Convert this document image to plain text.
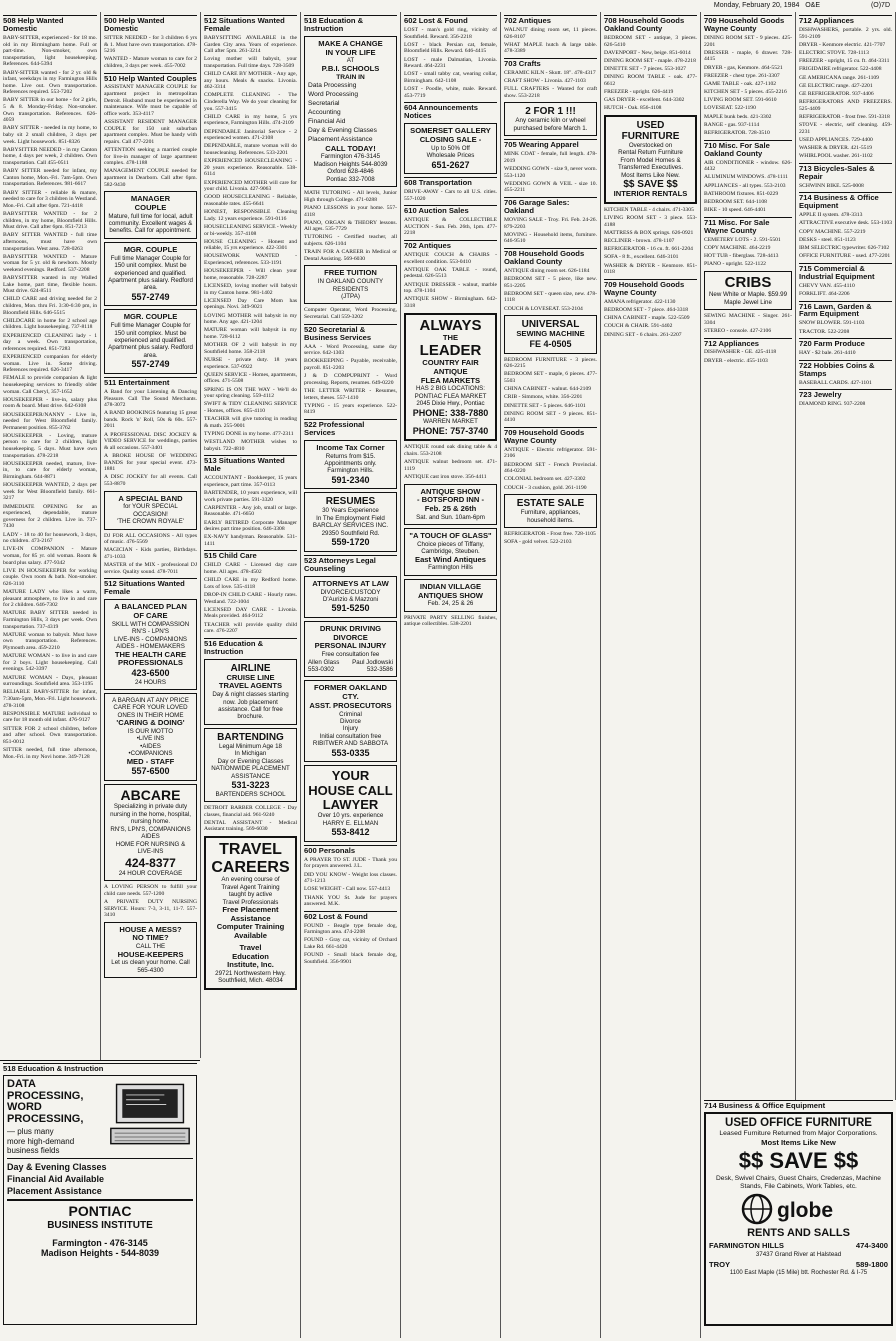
Monday, February 20, 1984 O&E	(O)7D
508 Help Wanted Domestic
BABY-SITTER, experienced - for 18 mo. old in my Birmingham home. Full or part-time. Non-smoker, own transportation, light housekeeping. References. 644-5394
BABY-SITTER wanted - for 2 yr. old & infant, weekdays in my Farmington Hills home. Live out. Own transportation. References required. 553-7202
BABY SITTER in our home - for 2 girls, 5 & 8. Monday-Friday. Non-smoker. Own transportation. References. 626-4059
BABY SITTER - needed in my home, to baby sit 2 small children, 3 days per week. Light housework. 851-8326
BABYSITTER NEEDED - in my Canton home, 4 days per week, 2 children. Own transportation. Call 455-0511
BABY SITTER needed for infant, my Canton home, Mon.-Fri. 7am-5pm. Own transportation. References. 981-6617
BABY SITTER - reliable & mature, needed to care for 3 children in Westland. Mon.-Fri. Call after 6pm. 721-4418
BABYSITTER WANTED - for 2 children, in my home, Bloomfield Hills. Must drive. Call after 6pm. 851-7213
BABY SITTER WANTED - full time afternoons, must have own transportation. West area. 728-0263
BABYSITTER WANTED - Mature woman for 5 yr. old & newborn. Mostly weekend evenings. Redford. 537-2208
BABYSITTER wanted in my Walled Lake home, part time, flexible hours. Must drive. 624-8511
CHILD CARE and driving needed for 2 children, Mon. thru Fri. 3:30-6:30 pm, in Bloomfield Hills. 646-5515
CHILDCARE in home for 2 school age children. Light housekeeping. 737-8118
EXPERIENCED CLEANING lady - 1 day a week. Own transportation, references required. 851-7283
EXPERIENCED companion for elderly woman. Live in. Some driving. References required. 626-3417
FEMALE to provide companion & light housekeeping services to friendly older woman. Call Cheryl, 357-1652
HOUSEKEEPER - live-in, salary plus room & board. Must drive. 642-6108
HOUSEKEEPER/NANNY - Live in, needed for West Bloomfield family. Permanent position. 855-3762
HOUSEKEEPER - Loving, mature person to care for 2 children, light housekeeping. 5 days. Must have own transportation. 478-2218
HOUSEKEEPER needed, mature, live-in, to care for elderly woman, Birmingham. 644-8871
HOUSEKEEPER WANTED, 2 days per week for West Bloomfield family. 661-3217
IMMEDIATE OPENING for an experienced, dependable, mature governess for 2 children. Live in. 737-7430
LADY - 18 to 40 for housework, 3 days, no children. 473-2167
LIVE-IN COMPANION - Mature woman, for 85 yr. old woman. Room & board plus salary. 477-9342
LIVE IN HOUSEKEEPER for working couple. Own room & bath. Non-smoker. 626-3110
MATURE LADY who likes a warm, pleasant atmosphere, to live in and care for 2 children. 646-7302
MATURE BABY SITTER needed in Farmington Hills, 3 days per week. Own transportation. 737-4319
MATURE woman to babysit. Must have own transportation. References. Plymouth area. 459-2210
MATURE WOMAN - to live in and care for 2 boys. Light housekeeping. Call evenings. 542-3397
MATURE WOMAN - Days, pleasant surroundings. Southfield area. 353-1195
RELIABLE BABY-SITTER for infant, 7:30am-5pm, Mon.-Fri. Light housework. 478-3108
RESPONSIBLE MATURE individual to care for 18 month old infant. 476-9127
SITTER FOR 2 school children, before and after school. Own transportation. 851-0012
SITTER needed, full time afternoon, Mon.-Fri. in my Novi home. 349-7128
518 Education & Instruction
DATA
PROCESSING,
WORD
PROCESSING,
— plus many
more high-demand
business fields
Day & Evening Classes
Financial Aid Available
Placement Assistance
PONTIAC
BUSINESS INSTITUTE
Farmington - 476-3145
Madison Heights - 544-8039
500 Help Wanted Domestic
SITTER NEEDED - for 3 children 6 yrs & 1. Must have own transportation. 478-5216
WANTED - Mature woman to care for 2 children, 3 days per week. 455-7002
510 Help Wanted Couples
ASSISTANT MANAGER COUPLE for apartment project in metropolitan Detroit. Husband must be experienced in maintenance. Wife must be capable of office work. 353-4117
ASSISTANT RESIDENT MANAGER COUPLE for 150 unit suburban apartment complex. Must be handy with repairs. Call 477-2201
ATTENTION seeking a married couple for live-in manager of large apartment complex. 478-1188
MANAGEMENT COUPLE needed for apartment in Dearborn. Call after 6pm. 582-9430
MANAGER
COUPLE
Mature, full time for local, adult community. Excellent wages & benefits. Call for appointment.
MGR. COUPLE
Full time Manager Couple for 150 unit complex. Must be experienced and qualified. Apartment plus salary. Redford area.
557-2749
MGR. COUPLE
Full time Manager Couple for 150 unit complex. Must be experienced and qualified. Apartment plus salary. Redford area.
557-2749
511 Entertainment
A Band for your Listening & Dancing Pleasure. Call The Sound Merchants. 478-3072
A BAND BOOKINGS featuring 15 great bands. Rock 'n' Roll, 50s & 60s. 557-2011
A PROFESSIONAL DISC JOCKEY & VIDEO SERVICE for weddings, parties & all occasions. 557-3401
A BROKE HOUSE OF WEDDING BANDS for your special event. 473-1881
A DISC JOCKEY for all events. Call 553-8870
A SPECIAL BAND
for YOUR SPECIAL OCCASION!
'THE CROWN ROYALE'
DJ FOR ALL OCCASIONS - All types of music. 476-5569
MAGICIAN - Kids parties, Birthdays. 471-1033
MASTER of the MIX - professional DJ service. Quality sound. 478-7011
512 Situations Wanted Female
A BALANCED PLAN
OF CARE
SKILL WITH COMPASSION
RN'S - LPN'S
LIVE-INS - COMPANIONS
AIDES - HOMEMAKERS
THE HEALTH CARE
PROFESSIONALS
423-6500
24 HOURS
A BARGAIN AT ANY PRICE
CARE FOR YOUR LOVED
ONES IN THEIR HOME
'CARING & DOING'
IS OUR MOTTO
•LIVE INS
•AIDES
•COMPANIONS
MED - STAFF
557-6500
ABCARE
Specializing in private duty nursing in the home, hospital, nursing home.
RN'S, LPN'S, COMPANIONS
AIDES
HOME FOR NURSING & LIVE-INS
424-8377
24 HOUR COVERAGE
A LOVING PERSON to fulfill your child care needs. 557-1200
A PRIVATE DUTY NURSING SERVICE. Hours: 7-3, 3-11, 11-7. 557-3410
HOUSE A MESS?
NO TIME?
CALL THE
HOUSE-KEEPERS
Let us clean your home. Call 565-4300
512 Situations Wanted Female
BABYSITTING AVAILABLE in the Garden City area. Years of experience. Call after 5pm. 261-3214
Loving mother will babysit, your transportation. Full time days. 728-3509
CHILD CARE BY MOTHER - Any age, any hours. Meals & snacks. Livonia. 462-3314
COMPLETE CLEANING - The Cinderella Way. We do your cleaning for you. 557-3415
CHILD CARE in my home, 5 yrs experience, Farmington Hills. 474-2109
DEPENDABLE Janitorial Service - 2 experienced women. 471-2108
DEPENDABLE, mature woman will do housecleaning. References. 533-2201
EXPERIENCED HOUSECLEANING - 20 years experience. Reasonable. 538-6114
EXPERIENCED MOTHER will care for your child. Livonia. 427-9063
GOOD HOUSECLEANING - Reliable, reasonable rates. 455-6641
HONEST, RESPONSIBLE Cleaning Lady. 12 years experience. 591-0116
HOUSECLEANING SERVICE - Weekly or bi-weekly. 357-4108
HOUSE CLEANING - Honest and reliable, 15 yrs experience. 422-3301
HOUSEWORK WANTED - Experienced, references. 533-1191
HOUSEKEEPER - Will clean your home, reasonable. 728-2287
LICENSED, loving mother will babysit in my Canton home. 981-1402
LICENSED Day Care Mom has openings. Novi. 349-9021
LOVING MOTHER will babysit in my home. Any age. 421-1204
MATURE woman will babysit in my home. 728-6112
MOTHER OF 2 will babysit in my Southfield home. 358-2118
NURSE - private duty. 18 years experience. 537-0922
QUEEN SERVICE - Homes, apartments, offices. 471-5508
SPRING IS ON THE WAY - We'll do your spring cleaning. 559-4112
SWIFT & TIDY CLEANING SERVICE - Homes, offices. 855-4110
TEACHER will give tutoring in reading & math. 255-9001
TYPING DONE in my home. 477-2311
WESTLAND MOTHER wishes to babysit. 722-4810
513 Situations Wanted Male
ACCOUNTANT - Bookkeeper, 15 years experience, part time. 357-0113
BARTENDER, 10 years experience, will work private parties. 591-3320
CARPENTER - Any job, small or large. Reasonable. 471-6650
EARLY RETIRED Corporate Manager desires part time position. 646-3308
EX-NAVY handyman. Reasonable. 531-1411
515 Child Care
CHILD CARE - Licensed day care home. All ages. 478-4502
CHILD CARE in my Redford home. Lots of love. 535-4118
DROP-IN CHILD CARE - Hourly rates. Westland. 722-1004
LICENSED DAY CARE - Livonia. Meals provided. 464-9112
TEACHER will provide quality child care. 476-2207
516 Education & Instruction
AIRLINE
CRUISE LINE
TRAVEL AGENTS
Day & night classes starting now. Job placement assistance. Call for free brochure.
BARTENDING
Legal Minimum Age 18
In Michigan
Day or Evening Classes
NATIONWIDE PLACEMENT ASSISTANCE
531-3223
BARTENDERS SCHOOL
DETROIT BARBER COLLEGE - Day classes, financial aid. 961-9240
DENTAL ASSISTANT - Medical Assistant training. 569-6030
TRAVEL
CAREERS
An evening course of
Travel Agent Training
taught by active
Travel Professionals
Free Placement Assistance
Computer Training Available
Travel
Education
Institute, Inc.
29721 Northwestern Hwy. Southfield, Mich. 48034
518 Education & Instruction
MAKE A CHANGE
IN YOUR LIFE
AT
P.B.I. SCHOOLS
TRAIN IN
Data Processing
Word Processing
Secretarial
Accounting
Financial Aid
Day & Evening Classes
Placement Assistance
CALL TODAY!
Farmington 476-3145
Madison Heights 544-8039
Oxford 628-4846
Pontiac 332-7008
MATH TUTORING - All levels, Junior High through College. 471-0288
PIANO LESSONS in your home. 557-4118
PIANO, ORGAN & THEORY lessons. All ages. 535-7729
TUTORING - Certified teacher, all subjects. 626-1104
TRAIN FOR A CAREER in Medical or Dental Assisting. 569-6030
FREE TUITION
IN OAKLAND COUNTY RESIDENTS
(JTPA)
Computer Operator, Word Processing, Secretarial. Call 559-3202
520 Secretarial & Business Services
AAA - Word Processing, same day service. 642-1303
BOOKKEEPING - Payable, receivable, payroll. 851-2203
J & D COMPUPRINT - Word processing. Reports, resumes. 649-0220
THE LETTER WRITER - Resumes, letters, theses. 557-1410
TYPING - 15 years experience. 522-8419
522 Professional Services
Income Tax Corner
Returns from $15. Appointments only. Farmington Hills.
591-2340
RESUMES
30 Years Experience
In The Employment Field
BARCLAY SERVICES INC.
29350 Southfield Rd.
559-1720
523 Attorneys Legal Counseling
ATTORNEYS AT LAW
DIVORCE/CUSTODY
D'Aurizio & Mazzoni
591-5250
DRUNK DRIVING
DIVORCE
PERSONAL INJURY
Free consultation fee
Allen Glass Paul Jodlowski
553-0302	532-3586
FORMER OAKLAND CTY.
ASST. PROSECUTORS
Criminal
Divorce
Injury
Initial consultation free
RIBITWER AND SABBOTA
553-0335
YOUR
HOUSE CALL
LAWYER
Over 10 yrs. experience
HARRY E. ELLMAN
553-8412
600 Personals
A PRAYER TO ST. JUDE - Thank you for prayers answered. J.L.
DID YOU KNOW - Weight loss classes. 471-1213
LOSE WEIGHT - Call now. 557-4413
THANK YOU St. Jude for prayers answered. M.K.
602 Lost & Found
FOUND - Beagle type female dog, Farmington area. 474-2208
FOUND - Gray cat, vicinity of Orchard Lake Rd. 661-4420
FOUND - Small black female dog, Southfield. 356-9901
602 Lost & Found
LOST - man's gold ring, vicinity of Southfield. Reward. 356-2218
LOST - black Persian cat, female, Bloomfield Hills. Reward. 646-4415
LOST - male Dalmatian, Livonia. Reward. 464-2231
LOST - small tabby cat, wearing collar, Birmingham. 642-1108
LOST - Poodle, white, male. Reward. 453-7719
604 Announcements Notices
SOMERSET GALLERY
CLOSING SALE -
Up to 50% Off
Wholesale Prices
651-2627
608 Transportation
DRIVE-AWAY - Cars to all U.S. cities. 557-1020
610 Auction Sales
ANTIQUE & COLLECTIBLE AUCTION - Sun. Feb. 26th, 1pm. 477-2218
702 Antiques
ANTIQUE COUCH & CHAIRS - excellent condition. 553-0410
ANTIQUE OAK TABLE - round, pedestal. 626-5513
ANTIQUE DRESSER - walnut, marble top. 478-1104
ANTIQUE SHOW - Birmingham. 642-3318
ALWAYS
THE
LEADER
COUNTRY FAIR
ANTIQUE
FLEA MARKETS
HAS 2 BIG LOCATIONS:
PONTIAC FLEA MARKET
2045 Dixie Hwy., Pontiac
PHONE: 338-7880
WARREN MARKET
PHONE: 757-3740
ANTIQUE round oak dining table & 4 chairs. 553-2108
ANTIQUE walnut bedroom set. 471-1119
ANTIQUE cast iron stove. 356-4411
ANTIQUE SHOW
- BOTSFORD INN -
Feb. 25 & 26th
Sat. and Sun. 10am-6pm
"A TOUCH OF GLASS"
Choice pieces of Tiffany, Cambridge, Steuben.
East Wind Antiques
Farmington Hills
INDIAN VILLAGE
ANTIQUES SHOW
Feb. 24, 25 & 26
PRIVATE PARTY SELLING finishes, antique collectibles. 538-2201
702 Antiques
WALNUT dining room set, 11 pieces. 626-8107
WHAT MAPLE hutch & large table. 478-3389
703 Crafts
CERAMIC KILN - Skutt. 18". 478-4317
CRAFT SHOW - Livonia. 427-1103
FULL CRAFTERS - Wanted for craft show. 553-2218
2 FOR 1 !!!
Any ceramic kiln or wheel purchased before March 1.
705 Wearing Apparel
MINK COAT - female, full length. 478-2019
WEDDING GOWN - size 9, never worn. 553-1120
WEDDING GOWN & VEIL - size 10. 455-2211
706 Garage Sales: Oakland
MOVING SALE - Troy. Fri. Feb. 24-26. 879-2203
MOVING - Household items, furniture. 646-9510
708 Household Goods Oakland County
ANTIQUE dining room set. 626-1184
BEDROOM SET - 5 piece, like new. 851-2205
BEDROOM SET - queen size, new. 478-1118
COUCH & LOVESEAT. 553-2104
UNIVERSAL
SEWING MACHINE
FE 4-0505
BEDROOM FURNITURE - 3 pieces. 626-2215
BEDROOM SET - maple, 6 pieces. 477-5503
CHINA CABINET - walnut. 644-2109
CRIB - Simmons, white. 356-2201
DINETTE SET - 5 pieces. 646-1101
DINING ROOM SET - 9 pieces. 851-4410
709 Household Goods Wayne County
ANTIQUE - Electric refrigerator. 591-2106
BEDROOM SET - French Provincial. 464-0220
COLONIAL bedroom set. 427-3302
COUCH - 3 cushion, gold. 261-1190
ESTATE SALE
Furniture, appliances, household items.
REFRIGERATOR - Frost free. 728-1105
SOFA - gold velvet. 522-2103
708 Household Goods Oakland County
BEDROOM SET - antique, 3 pieces. 626-5410
DAVENPORT - New, beige. 851-6014
DINING ROOM SET - maple. 478-2218
DINETTE SET - 7 pieces. 553-1027
DINING ROOM TABLE - oak. 477-6612
FREEZER - upright. 626-4419
GAS DRYER - excellent. 644-3302
HUTCH - Oak. 856-4108
USED FURNITURE
Overstocked on
Rental Return Furniture
From Model Homes &
Transferred Executives.
Most Items Like New.
$$ SAVE $$
INTERIOR RENTALS
KITCHEN TABLE - 4 chairs. 471-3305
LIVING ROOM SET - 3 piece. 553-4188
MATTRESS & BOX springs. 626-0921
RECLINER - brown. 478-1107
REFRIGERATOR - 16 cu. ft. 661-2204
SOFA - 8 ft., excellent. 646-3101
WASHER & DRYER - Kenmore. 851-0118
709 Household Goods Wayne County
AMANA refrigerator. 422-1130
BEDROOM SET - 7 piece. 464-3318
CHINA CABINET - maple. 522-5509
COUCH & CHAIR. 591-4402
DINING SET - 6 chairs. 261-2207
709 Household Goods Wayne County
DINING ROOM SET - 9 pieces. 425-2201
DRESSER - maple, 6 drawer. 728-4415
DRYER - gas, Kenmore. 464-5521
FREEZER - chest type. 261-3307
GAME TABLE - oak. 427-1102
KITCHEN SET - 5 pieces. 455-2216
LIVING ROOM SET. 591-6610
LOVESEAT. 522-1190
MAPLE bunk beds. 421-3302
RANGE - gas. 937-1114
REFRIGERATOR. 728-3510
710 Misc. For Sale Oakland County
AIR CONDITIONER - window. 626-4432
ALUMINUM WINDOWS. 478-1111
APPLIANCES - all types. 553-2103
BATHROOM fixtures. 851-0229
BEDROOM SET. 644-1108
BIKE - 10 speed. 646-4401
711 Misc. For Sale Wayne County
CEMETERY LOTS - 2. 591-5501
COPY MACHINE. 464-2219
HOT TUB - fiberglass. 728-4413
PIANO - upright. 522-1122
CRIBS
New White or Maple. $59.99
Maple Jewel Line
SEWING MACHINE - Singer. 261-3304
STEREO - console. 427-2106
712 Appliances
DISHWASHER - GE. 425-4118
DRYER - electric. 455-1103
712 Appliances
DISHWASHERS, portable. 2 yrs. old. 591-2109
DRYER - Kenmore electric. 421-7707
ELECTRIC STOVE. 728-1113
FREEZER - upright, 15 cu. ft. 464-3311
FRIGIDAIRE refrigerator. 522-4408
GE AMERICANA range. 261-1109
GE ELECTRIC range. 427-2201
GE REFRIGERATOR. 937-4406
REFRIGERATORS AND FREEZERS. 525-4409
REFRIGERATOR - frost free. 591-3318
STOVE - electric, self cleaning. 459-2231
USED APPLIANCES. 729-4400
WASHER & DRYER. 421-5519
WHIRLPOOL washer. 261-1102
713 Bicycles-Sales & Repair
SCHWINN BIKE. 525-0008
714 Business & Office Equipment
APPLE II system. 478-3313
ATTRACTIVE executive desk. 553-1103
COPY MACHINE. 557-2219
DESKS - steel. 851-1123
IBM SELECTRIC typewriter. 626-7102
OFFICE FURNITURE - used. 477-2201
715 Commercial & Industrial Equipment
CHEVY VAN. 455-4110
FORKLIFT. 464-2206
716 Lawn, Garden & Farm Equipment
SNOW BLOWER. 591-1103
TRACTOR. 522-2208
720 Farm Produce
HAY - $2 bale. 261-4410
722 Hobbies Coins & Stamps
BASEBALL CARDS. 427-1101
723 Jewelry
DIAMOND RING. 937-2208
714 Business & Office Equipment
USED OFFICE FURNITURE
Leased Furniture Returned from Major Corporations.
Most Items Like New
$$ SAVE $$
Desk, Swivel Chairs, Guest Chairs, Credenzas, Machine Stands, File Cabinets, Work Tables, etc.
globe
RENTS AND SALLS
FARMINGTON HILLS	474-3400
37437 Grand River at Halstead
TROY	589-1800
1100 East Maple (15 Mile) btt. Rochester Rd. & I-75
